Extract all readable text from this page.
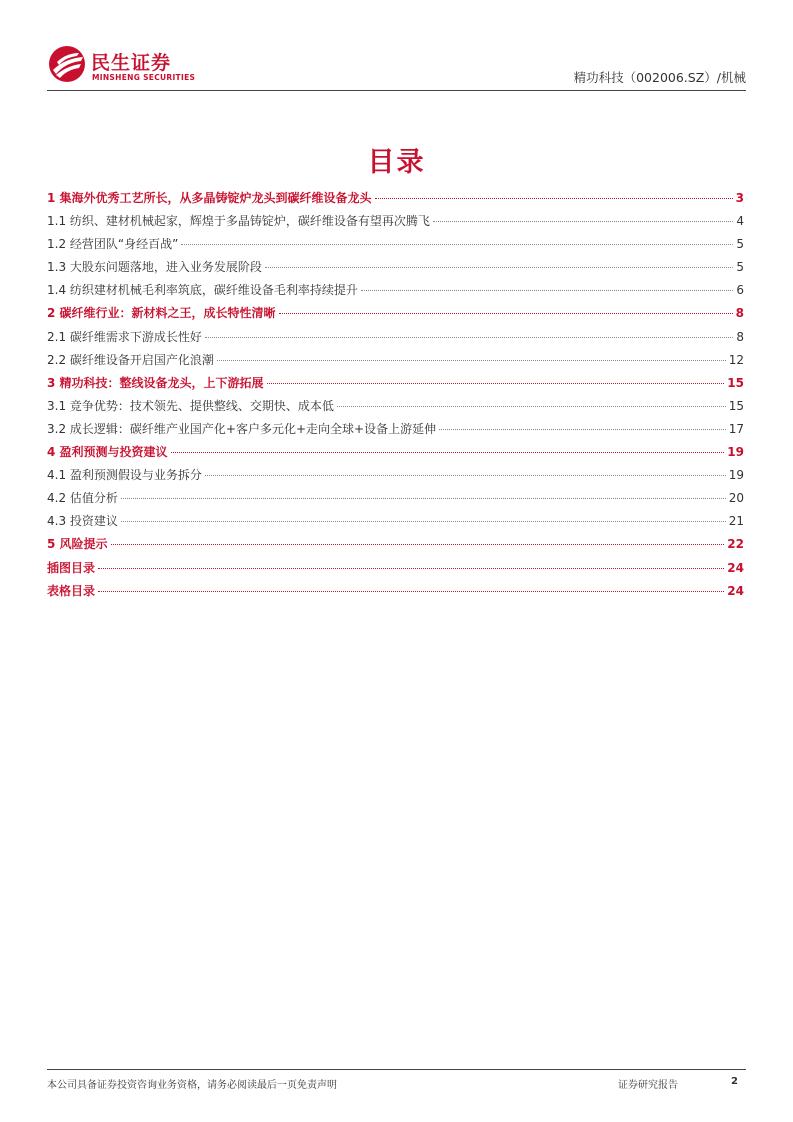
民生证券
MINSHENG SECURITIES	精功科技（002006.SZ）/机械
目录
1 集海外优秀工艺所长，从多晶铸锭炉龙头到碳纤维设备龙头	3
1.1 纺织、建材机械起家，辉煌于多晶铸锭炉，碳纤维设备有望再次腾飞	4
1.2 经营团队“身经百战”	5
1.3 大股东问题落地，进入业务发展阶段	5
1.4 纺织建材机械毛利率筑底，碳纤维设备毛利率持续提升	6
2 碳纤维行业：新材料之王，成长特性清晰	8
2.1 碳纤维需求下游成长性好	8
2.2 碳纤维设备开启国产化浪潮	12
3 精功科技：整线设备龙头，上下游拓展	15
3.1 竞争优势：技术领先、提供整线、交期快、成本低	15
3.2 成长逻辑：碳纤维产业国产化+客户多元化+走向全球+设备上游延伸	17
4 盈利预测与投资建议	19
4.1 盈利预测假设与业务拆分	19
4.2 估值分析	20
4.3 投资建议	21
5 风险提示	22
插图目录	24
表格目录	24
本公司具备证券投资咨询业务资格，请务必阅读最后一页免责声明	证券研究报告	2
